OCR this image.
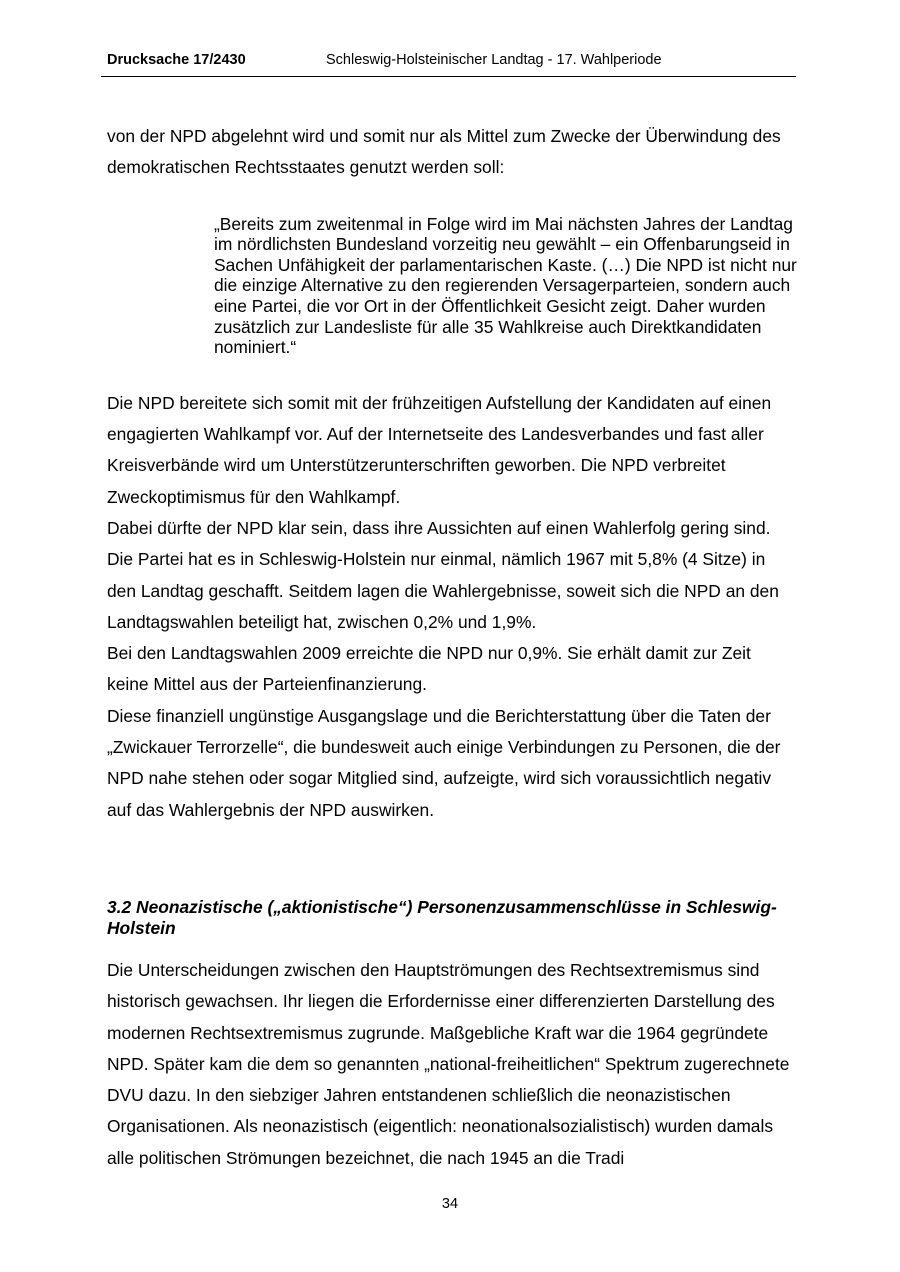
Drucksache 17/2430	Schleswig-Holsteinischer Landtag - 17. Wahlperiode

von der NPD abgelehnt wird und somit nur als Mittel zum Zwecke der Überwindung des demokratischen Rechtsstaates genutzt werden soll:

„Bereits zum zweitenmal in Folge wird im Mai nächsten Jahres der Landtag im nördlichsten Bundesland vorzeitig neu gewählt – ein Offenbarungseid in Sachen Unfähigkeit der parlamentarischen Kaste. (…) Die NPD ist nicht nur die einzige Alternative zu den regierenden Versagerparteien, sondern auch eine Partei, die vor Ort in der Öffentlichkeit Gesicht zeigt. Daher wurden zusätzlich zur Landesliste für alle 35 Wahlkreise auch Direktkandidaten nominiert.“

Die NPD bereitete sich somit mit der frühzeitigen Aufstellung der Kandidaten auf einen engagierten Wahlkampf vor. Auf der Internetseite des Landesverbandes und fast aller Kreisverbände wird um Unterstützerunterschriften geworben. Die NPD verbreitet Zweckoptimismus für den Wahlkampf.

Dabei dürfte der NPD klar sein, dass ihre Aussichten auf einen Wahlerfolg gering sind. Die Partei hat es in Schleswig-Holstein nur einmal, nämlich 1967 mit 5,8% (4 Sitze) in den Landtag geschafft. Seitdem lagen die Wahlergebnisse, soweit sich die NPD an den Landtagswahlen beteiligt hat, zwischen 0,2% und 1,9%.

Bei den Landtagswahlen 2009 erreichte die NPD nur 0,9%. Sie erhält damit zur Zeit keine Mittel aus der Parteienfinanzierung.

Diese finanziell ungünstige Ausgangslage und die Berichterstattung über die Taten der „Zwickauer Terrorzelle“, die bundesweit auch einige Verbindungen zu Personen, die der NPD nahe stehen oder sogar Mitglied sind, aufzeigte, wird sich voraussichtlich negativ auf das Wahlergebnis der NPD auswirken.

3.2 Neonazistische („aktionistische“) Personenzusammenschlüsse in Schleswig-Holstein

Die Unterscheidungen zwischen den Hauptströmungen des Rechtsextremismus sind historisch gewachsen. Ihr liegen die Erfordernisse einer differenzierten Darstellung des modernen Rechtsextremismus zugrunde. Maßgebliche Kraft war die 1964 gegründete NPD. Später kam die dem so genannten „national-freiheitlichen“ Spektrum zugerechnete DVU dazu. In den siebziger Jahren entstandenen schließlich die neonazistischen Organisationen. Als neonazistisch (eigentlich: neonationalsozialistisch) wurden damals alle politischen Strömungen bezeichnet, die nach 1945 an die Tradi

34
